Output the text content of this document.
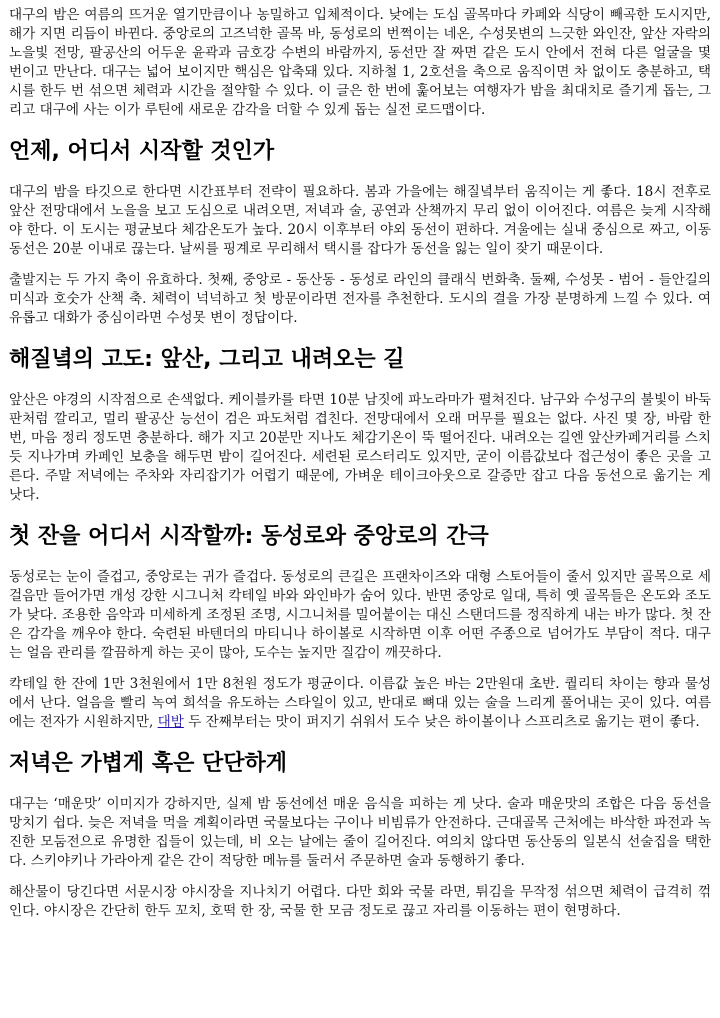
대구의 밤은 여름의 뜨거운 열기만큼이나 농밀하고 입체적이다. 낮에는 도심 골목마다 카페와 식당이 빼곡한 도시지만, 해가 지면 리듬이 바뀐다. 중앙로의 고즈넉한 골목 바, 동성로의 번쩍이는 네온, 수성못변의 느긋한 와인잔, 앞산 자락의 노을빛 전망, 팔공산의 어두운 윤곽과 금호강 수변의 바람까지, 동선만 잘 짜면 같은 도시 안에서 전혀 다른 얼굴을 몇 번이고 만난다. 대구는 넓어 보이지만 핵심은 압축돼 있다. 지하철 1, 2호선을 축으로 움직이면 차 없이도 충분하고, 택시를 한두 번 섞으면 체력과 시간을 절약할 수 있다. 이 글은 한 번에 훑어보는 여행자가 밤을 최대치로 즐기게 돕는, 그리고 대구에 사는 이가 루틴에 새로운 감각을 더할 수 있게 돕는 실전 로드맵이다.

언제, 어디서 시작할 것인가

대구의 밤을 타깃으로 한다면 시간표부터 전략이 필요하다. 봄과 가을에는 해질녘부터 움직이는 게 좋다. 18시 전후로 앞산 전망대에서 노을을 보고 도심으로 내려오면, 저녁과 술, 공연과 산책까지 무리 없이 이어진다. 여름은 늦게 시작해야 한다. 이 도시는 평균보다 체감온도가 높다. 20시 이후부터 야외 동선이 편하다. 겨울에는 실내 중심으로 짜고, 이동 동선은 20분 이내로 끊는다. 날씨를 핑계로 무리해서 택시를 잡다가 동선을 잃는 일이 잦기 때문이다.

출발지는 두 가지 축이 유효하다. 첫째, 중앙로 - 동산동 - 동성로 라인의 클래식 번화축. 둘째, 수성못 - 범어 - 들안길의 미식과 호숫가 산책 축. 체력이 넉넉하고 첫 방문이라면 전자를 추천한다. 도시의 결을 가장 분명하게 느낄 수 있다. 여유롭고 대화가 중심이라면 수성못 변이 정답이다.

해질녘의 고도: 앞산, 그리고 내려오는 길

앞산은 야경의 시작점으로 손색없다. 케이블카를 타면 10분 남짓에 파노라마가 펼쳐진다. 남구와 수성구의 불빛이 바둑판처럼 깔리고, 멀리 팔공산 능선이 검은 파도처럼 겹친다. 전망대에서 오래 머무를 필요는 없다. 사진 몇 장, 바람 한 번, 마음 정리 정도면 충분하다. 해가 지고 20분만 지나도 체감기온이 뚝 떨어진다. 내려오는 길엔 앞산카페거리를 스치듯 지나가며 카페인 보충을 해두면 밤이 길어진다. 세련된 로스터리도 있지만, 굳이 이름값보다 접근성이 좋은 곳을 고른다. 주말 저녁에는 주차와 자리잡기가 어렵기 때문에, 가벼운 테이크아웃으로 갈증만 잡고 다음 동선으로 옮기는 게 낫다.

첫 잔을 어디서 시작할까: 동성로와 중앙로의 간극

동성로는 눈이 즐겁고, 중앙로는 귀가 즐겁다. 동성로의 큰길은 프랜차이즈와 대형 스토어들이 줄서 있지만 골목으로 세 걸음만 들어가면 개성 강한 시그니처 칵테일 바와 와인바가 숨어 있다. 반면 중앙로 일대, 특히 옛 골목들은 온도와 조도가 낮다. 조용한 음악과 미세하게 조정된 조명, 시그니처를 밀어붙이는 대신 스탠더드를 정직하게 내는 바가 많다. 첫 잔은 감각을 깨우야 한다. 숙련된 바텐더의 마티니나 하이볼로 시작하면 이후 어떤 주종으로 넘어가도 부담이 적다. 대구는 얼음 관리를 깔끔하게 하는 곳이 많아, 도수는 높지만 질감이 깨끗하다.

칵테일 한 잔에 1만 3천원에서 1만 8천원 정도가 평균이다. 이름값 높은 바는 2만원대 초반. 퀄리티 차이는 향과 물성에서 난다. 얼음을 빨리 녹여 희석을 유도하는 스타일이 있고, 반대로 뼈대 있는 술을 느리게 풀어내는 곳이 있다. 여름에는 전자가 시원하지만, 대밤 두 잔째부터는 맛이 퍼지기 쉬워서 도수 낮은 하이볼이나 스프리츠로 옮기는 편이 좋다.

저녁은 가볍게 혹은 단단하게

대구는 ‘매운맛’ 이미지가 강하지만, 실제 밤 동선에선 매운 음식을 피하는 게 낫다. 술과 매운맛의 조합은 다음 동선을 망치기 쉽다. 늦은 저녁을 먹을 계획이라면 국물보다는 구이나 비빔류가 안전하다. 근대골목 근처에는 바삭한 파전과 녹진한 모둠전으로 유명한 집들이 있는데, 비 오는 날에는 줄이 길어진다. 여의치 않다면 동산동의 일본식 선술집을 택한다. 스키야키나 가라아게 같은 간이 적당한 메뉴를 둘러서 주문하면 술과 동행하기 좋다.

해산물이 당긴다면 서문시장 야시장을 지나치기 어렵다. 다만 회와 국물 라면, 튀김을 무작정 섞으면 체력이 급격히 꺾인다. 야시장은 간단히 한두 꼬치, 호떡 한 장, 국물 한 모금 정도로 끊고 자리를 이동하는 편이 현명하다.
